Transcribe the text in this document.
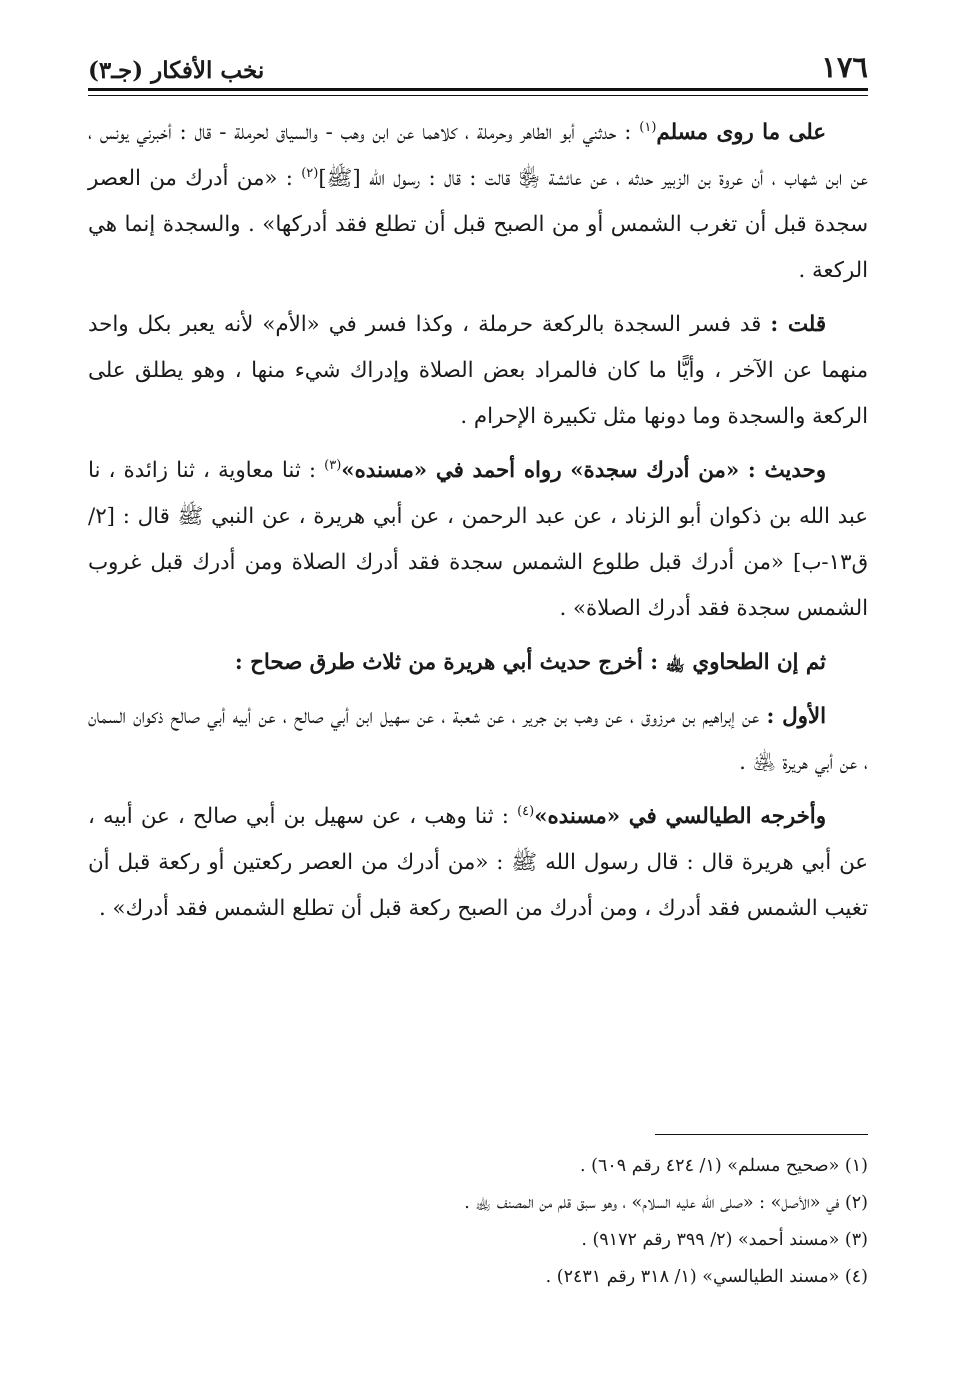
١٧٦
نخب الأفكار (جـ٣)

على ما روى مسلم$^{(١)}$ : حدثني أبو الطاهر وحرملة ، كلاهما عن ابن وهب - والسياق لحرملة - قال : أخبرني يونس ، عن ابن شهاب ، أن عروة بن الزبير حدثه ، عن عائشة ﵂ قالت : قال : رسول الله [ﷺ]$^{(٢)}$ : «من أدرك من العصر سجدة قبل أن تغرب الشمس أو من الصبح قبل أن تطلع فقد أدركها» . والسجدة إنما هي الركعة .

قلت : قد فسر السجدة بالركعة حرملة ، وكذا فسر في «الأم» لأنه يعبر بكل واحد منهما عن الآخر ، وأيًّا ما كان فالمراد بعض الصلاة وإدراك شيء منها ، وهو يطلق على الركعة والسجدة وما دونها مثل تكبيرة الإحرام .

وحديث : «من أدرك سجدة» رواه أحمد في «مسنده»$^{(٣)}$ : ثنا معاوية ، ثنا زائدة ، نا عبد الله بن ذكوان أبو الزناد ، عن عبد الرحمن ، عن أبي هريرة ، عن النبي ﷺ قال : [٢/ ق١٣-ب] «من أدرك قبل طلوع الشمس سجدة فقد أدرك الصلاة ومن أدرك قبل غروب الشمس سجدة فقد أدرك الصلاة» .

ثم إن الطحاوي ﵀ : أخرج حديث أبي هريرة من ثلاث طرق صحاح :

الأول : عن إبراهيم بن مرزوق ، عن وهب بن جرير ، عن شعبة ، عن سهيل ابن أبي صالح ، عن أبيه أبي صالح ذكوان السمان ، عن أبي هريرة ﵁ .

وأخرجه الطيالسي في «مسنده»$^{(٤)}$ : ثنا وهب ، عن سهيل بن أبي صالح ، عن أبيه ، عن أبي هريرة قال : قال رسول الله ﷺ : «من أدرك من العصر ركعتين أو ركعة قبل أن تغيب الشمس فقد أدرك ، ومن أدرك من الصبح ركعة قبل أن تطلع الشمس فقد أدرك» .

(١) «صحيح مسلم» (١/ ٤٢٤ رقم ٦٠٩) .

(٢) في «الأصل» : «صلى الله عليه السلام» ، وهو سبق قلم من المصنف ﵀ .

(٣) «مسند أحمد» (٢/ ٣٩٩ رقم ٩١٧٢) .

(٤) «مسند الطيالسي» (١/ ٣١٨ رقم ٢٤٣١) .
